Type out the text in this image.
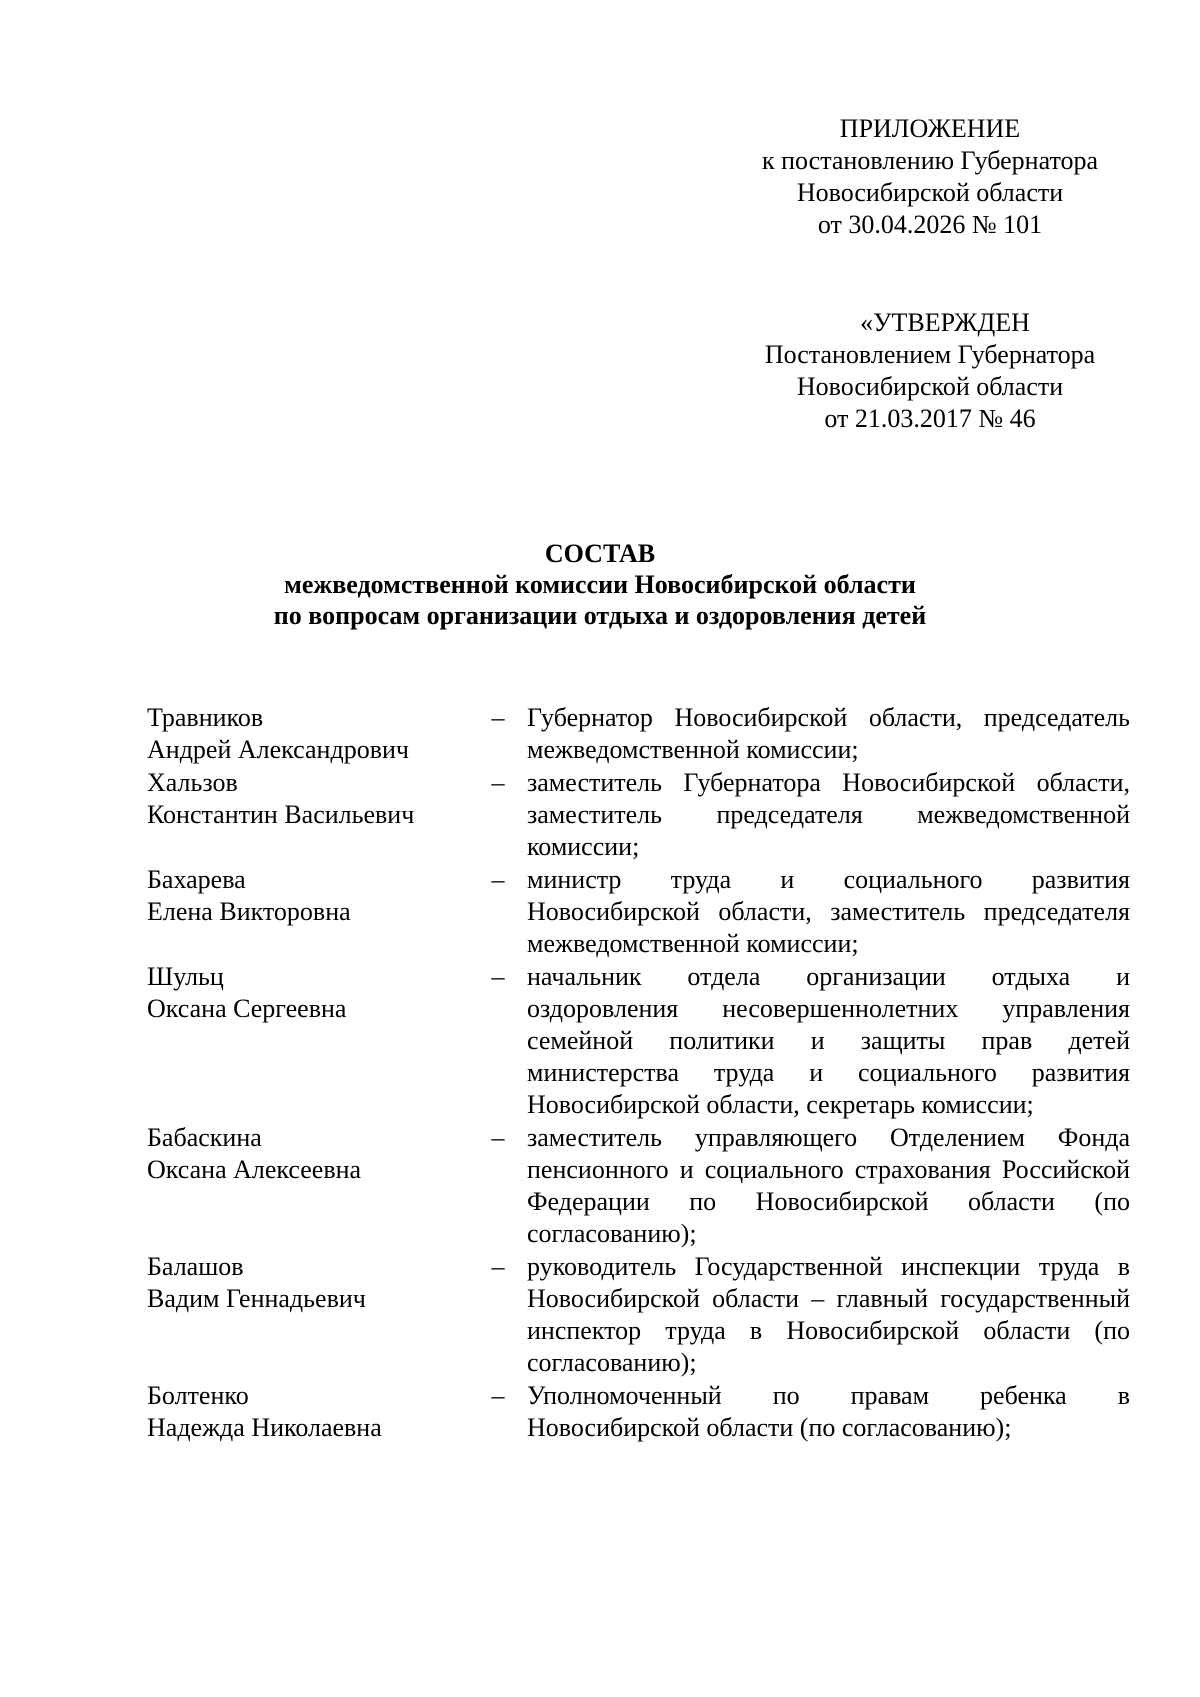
ПРИЛОЖЕНИЕ
к постановлению Губернатора
Новосибирской области
от 30.04.2026 № 101
«УТВЕРЖДЕН
Постановлением Губернатора
Новосибирской области
от 21.03.2017 № 46
СОСТАВ
межведомственной комиссии Новосибирской области
по вопросам организации отдыха и оздоровления детей
Травников
Андрей Александрович
– Губернатор Новосибирской области, председатель межведомственной комиссии;
Хальзов
Константин Васильевич
– заместитель Губернатора Новосибирской области, заместитель председателя межведомственной комиссии;
Бахарева
Елена Викторовна
– министр труда и социального развития Новосибирской области, заместитель председателя межведомственной комиссии;
Шульц
Оксана Сергеевна
– начальник отдела организации отдыха и оздоровления несовершеннолетних управления семейной политики и защиты прав детей министерства труда и социального развития Новосибирской области, секретарь комиссии;
Бабаскина
Оксана Алексеевна
– заместитель управляющего Отделением Фонда пенсионного и социального страхования Российской Федерации по Новосибирской области (по согласованию);
Балашов
Вадим Геннадьевич
– руководитель Государственной инспекции труда в Новосибирской области – главный государственный инспектор труда в Новосибирской области (по согласованию);
Болтенко
Надежда Николаевна
– Уполномоченный по правам ребенка в Новосибирской области (по согласованию);
